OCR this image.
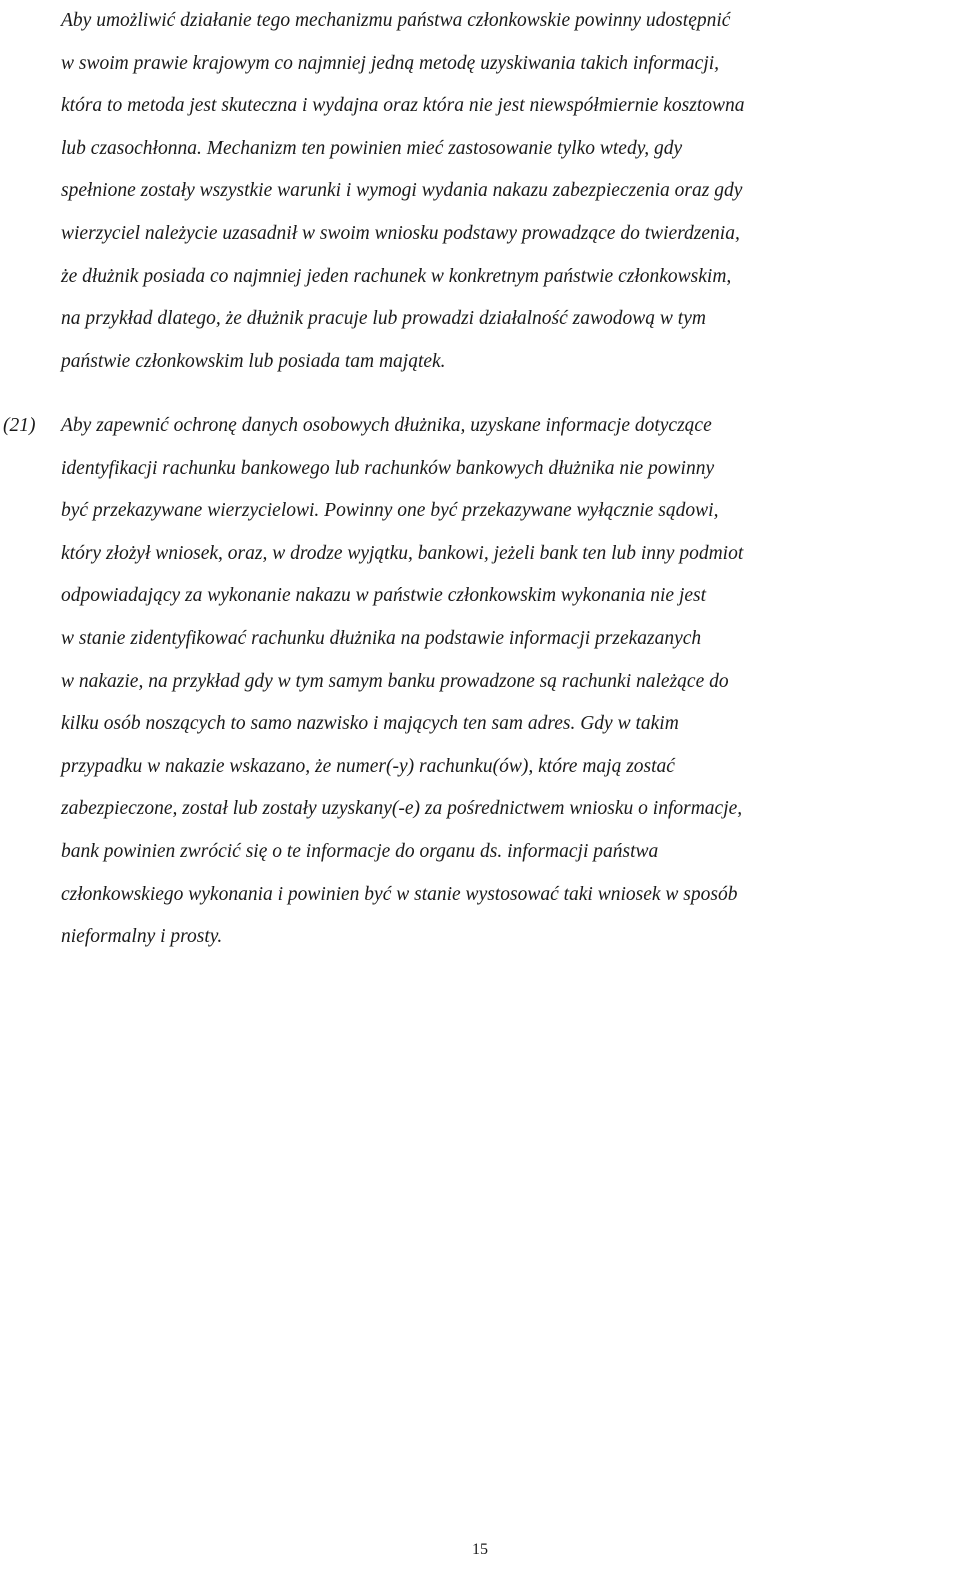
Aby umożliwić działanie tego mechanizmu państwa członkowskie powinny udostępnić
w swoim prawie krajowym co najmniej jedną metodę uzyskiwania takich informacji,
która to metoda jest skuteczna i wydajna oraz która nie jest niewspółmiernie kosztowna
lub czasochłonna. Mechanizm ten powinien mieć zastosowanie tylko wtedy, gdy
spełnione zostały wszystkie warunki i wymogi wydania nakazu zabezpieczenia oraz gdy
wierzyciel należycie uzasadnił w swoim wniosku podstawy prowadzące do twierdzenia,
że dłużnik posiada co najmniej jeden rachunek w konkretnym państwie członkowskim,
na przykład dlatego, że dłużnik pracuje lub prowadzi działalność zawodową w tym
państwie członkowskim lub posiada tam majątek.
(21) Aby zapewnić ochronę danych osobowych dłużnika, uzyskane informacje dotyczące
identyfikacji rachunku bankowego lub rachunków bankowych dłużnika nie powinny
być przekazywane wierzycielowi. Powinny one być przekazywane wyłącznie sądowi,
który złożył wniosek, oraz, w drodze wyjątku, bankowi, jeżeli bank ten lub inny podmiot
odpowiadający za wykonanie nakazu w państwie członkowskim wykonania nie jest
w stanie zidentyfikować rachunku dłużnika na podstawie informacji przekazanych
w nakazie, na przykład gdy w tym samym banku prowadzone są rachunki należące do
kilku osób noszących to samo nazwisko i mających ten sam adres. Gdy w takim
przypadku w nakazie wskazano, że numer(-y) rachunku(ów), które mają zostać
zabezpieczone, został lub zostały uzyskany(-e) za pośrednictwem wniosku o informacje,
bank powinien zwrócić się o te informacje do organu ds. informacji państwa
członkowskiego wykonania i powinien być w stanie wystosować taki wniosek w sposób
nieformalny i prosty.
15
